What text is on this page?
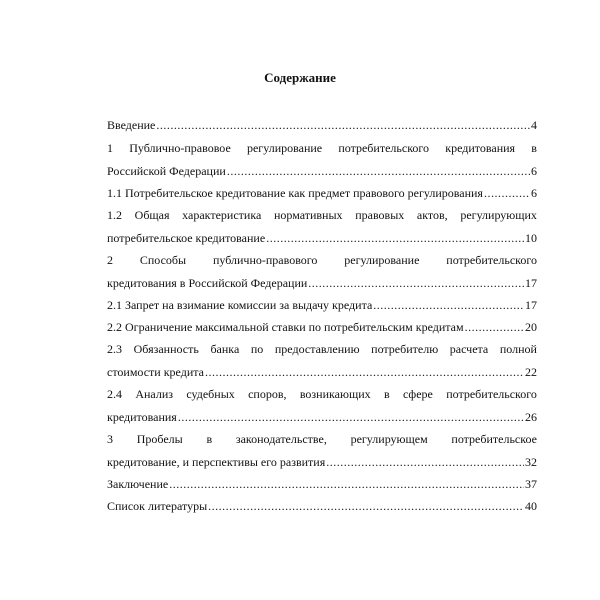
Содержание
Введение .....	4
1 Публично-правовое регулирование потребительского кредитования в
Российской Федерации .....	6
1.1 Потребительское кредитование как предмет правового регулирования .....	6
1.2 Общая характеристика нормативных правовых актов, регулирующих
потребительское кредитование .....	10
2 Способы публично-правового регулирование потребительского
кредитования в Российской Федерации .....	17
2.1 Запрет на взимание комиссии за выдачу кредита .....	17
2.2 Ограничение максимальной ставки по потребительским кредитам .....	20
2.3 Обязанность банка по предоставлению потребителю расчета полной
стоимости кредита .....	22
2.4 Анализ судебных споров, возникающих в сфере потребительского
кредитования .....	26
3 Пробелы в законодательстве, регулирующем потребительское
кредитование, и перспективы его развития .....	32
Заключение .....	37
Список литературы .....	40
